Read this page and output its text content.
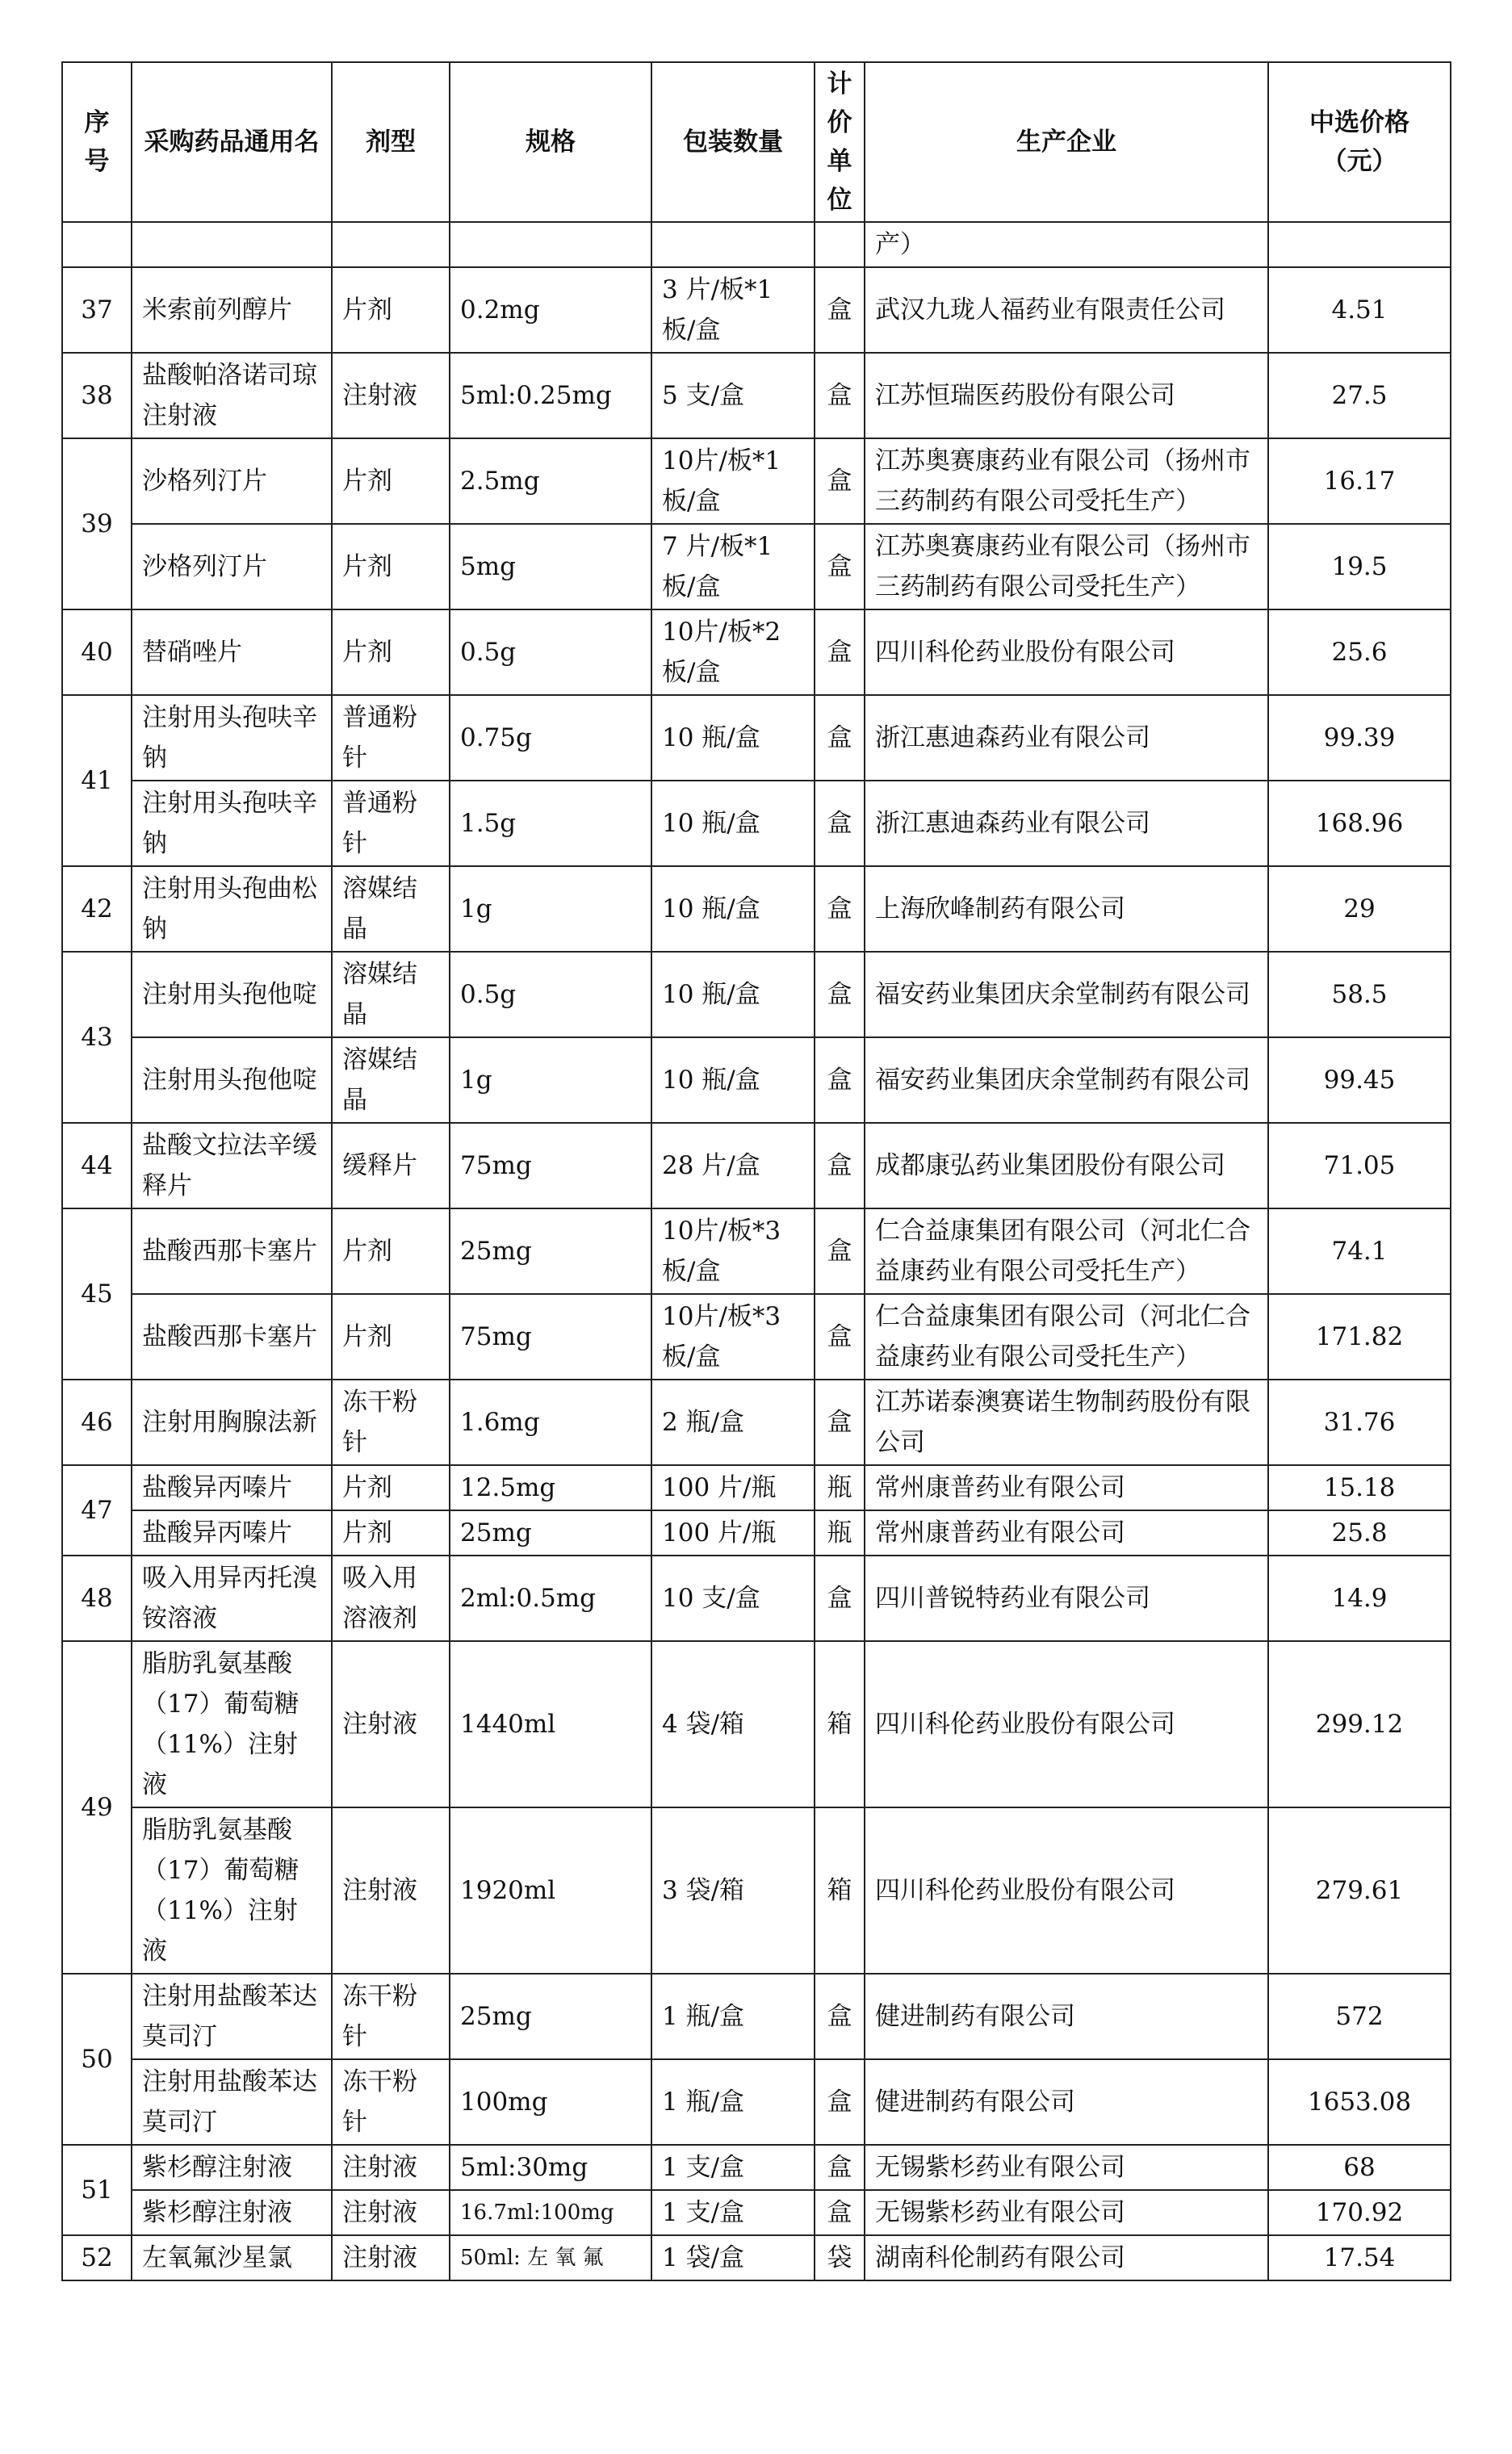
序号	采购药品通用名	剂型	规格	包装数量	计价单位	生产企业	中选价格（元）
						产）	
37	米索前列醇片	片剂	0.2mg	3 片/板*1板/盒	盒	武汉九珑人福药业有限责任公司	4.51
38	盐酸帕洛诺司琼注射液	注射液	5ml:0.25mg	5 支/盒	盒	江苏恒瑞医药股份有限公司	27.5
39	沙格列汀片	片剂	2.5mg	10片/板*1板/盒	盒	江苏奥赛康药业有限公司（扬州市三药制药有限公司受托生产）	16.17
	沙格列汀片	片剂	5mg	7 片/板*1板/盒	盒	江苏奥赛康药业有限公司（扬州市三药制药有限公司受托生产）	19.5
40	替硝唑片	片剂	0.5g	10片/板*2板/盒	盒	四川科伦药业股份有限公司	25.6
41	注射用头孢呋辛钠	普通粉针	0.75g	10 瓶/盒	盒	浙江惠迪森药业有限公司	99.39
	注射用头孢呋辛钠	普通粉针	1.5g	10 瓶/盒	盒	浙江惠迪森药业有限公司	168.96
42	注射用头孢曲松钠	溶媒结晶	1g	10 瓶/盒	盒	上海欣峰制药有限公司	29
43	注射用头孢他啶	溶媒结晶	0.5g	10 瓶/盒	盒	福安药业集团庆余堂制药有限公司	58.5
	注射用头孢他啶	溶媒结晶	1g	10 瓶/盒	盒	福安药业集团庆余堂制药有限公司	99.45
44	盐酸文拉法辛缓释片	缓释片	75mg	28 片/盒	盒	成都康弘药业集团股份有限公司	71.05
45	盐酸西那卡塞片	片剂	25mg	10片/板*3板/盒	盒	仁合益康集团有限公司（河北仁合益康药业有限公司受托生产）	74.1
	盐酸西那卡塞片	片剂	75mg	10片/板*3板/盒	盒	仁合益康集团有限公司（河北仁合益康药业有限公司受托生产）	171.82
46	注射用胸腺法新	冻干粉针	1.6mg	2 瓶/盒	盒	江苏诺泰澳赛诺生物制药股份有限公司	31.76
47	盐酸异丙嗪片	片剂	12.5mg	100 片/瓶	瓶	常州康普药业有限公司	15.18
	盐酸异丙嗪片	片剂	25mg	100 片/瓶	瓶	常州康普药业有限公司	25.8
48	吸入用异丙托溴铵溶液	吸入用溶液剂	2ml:0.5mg	10 支/盒	盒	四川普锐特药业有限公司	14.9
49	脂肪乳氨基酸（17）葡萄糖（11%）注射液	注射液	1440ml	4 袋/箱	箱	四川科伦药业股份有限公司	299.12
	脂肪乳氨基酸（17）葡萄糖（11%）注射液	注射液	1920ml	3 袋/箱	箱	四川科伦药业股份有限公司	279.61
50	注射用盐酸苯达莫司汀	冻干粉针	25mg	1 瓶/盒	盒	健进制药有限公司	572
	注射用盐酸苯达莫司汀	冻干粉针	100mg	1 瓶/盒	盒	健进制药有限公司	1653.08
51	紫杉醇注射液	注射液	5ml:30mg	1 支/盒	盒	无锡紫杉药业有限公司	68
	紫杉醇注射液	注射液	16.7ml:100mg	1 支/盒	盒	无锡紫杉药业有限公司	170.92
52	左氧氟沙星氯	注射液	50ml: 左 氧 氟	1 袋/盒	袋	湖南科伦制药有限公司	17.54
